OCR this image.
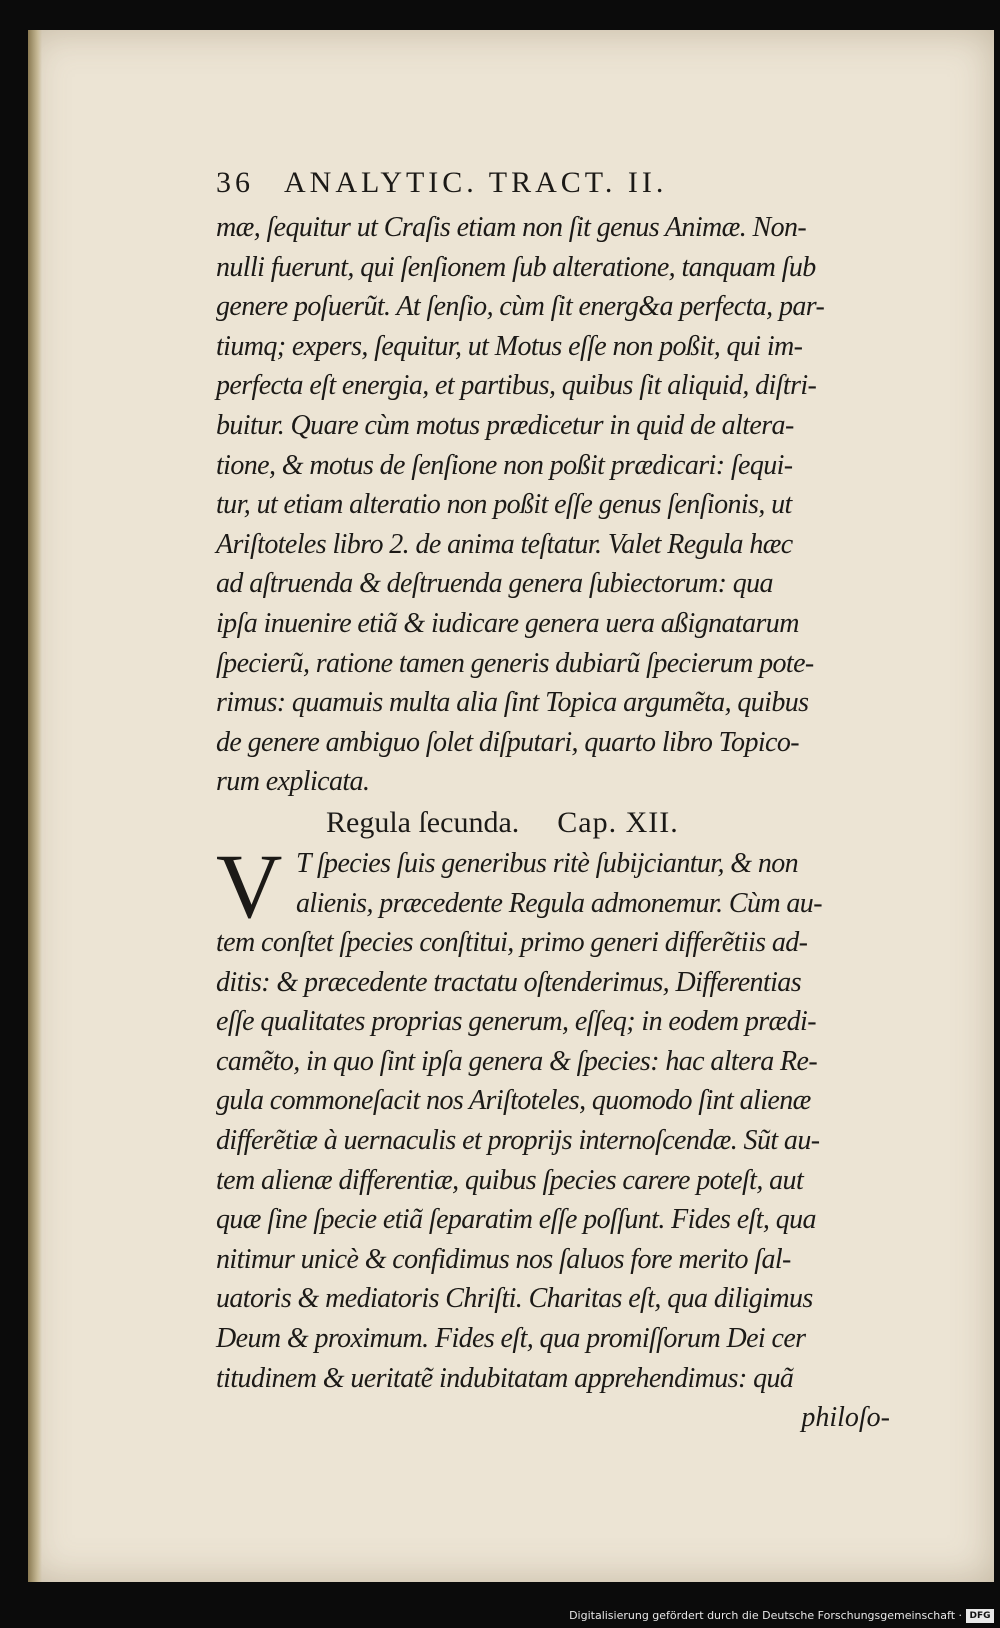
36 ANALYTIC. TRACT. II.
mæ, ſequitur ut Craſis etiam non ſit genus Animæ. Non-
nulli fuerunt, qui ſenſionem ſub alteratione, tanquam ſub
genere poſuerũt. At ſenſio, cùm ſit energ&a perfecta, par-
tiumq; expers, ſequitur, ut Motus eſſe non poßit, qui im-
perfecta eſt energia, et partibus, quibus ſit aliquid, diſtri-
buitur. Quare cùm motus prædicetur in quid de altera-
tione, & motus de ſenſione non poßit prædicari: ſequi-
tur, ut etiam alteratio non poßit eſſe genus ſenſionis, ut
Ariſtoteles libro 2. de anima teſtatur. Valet Regula hæc
ad aſtruenda & deſtruenda genera ſubiectorum: qua
ipſa inuenire etiã & iudicare genera uera aßignatarum
ſpecierũ, ratione tamen generis dubiarũ ſpecierum pote-
rimus: quamuis multa alia ſint Topica argumẽta, quibus
de genere ambiguo ſolet diſputari, quarto libro Topico-
rum explicata.
Regula ſecunda. Cap. XII.
V T ſpecies ſuis generibus ritè ſubijciantur, & non
alienis, præcedente Regula admonemur. Cùm au-
tem conſtet ſpecies conſtitui, primo generi differẽtiis ad-
ditis: & præcedente tractatu oſtenderimus, Differentias
eſſe qualitates proprias generum, eſſeq; in eodem prædi-
camẽto, in quo ſint ipſa genera & ſpecies: hac altera Re-
gula commoneſacit nos Ariſtoteles, quomodo ſint alienæ
differẽtiæ à uernaculis et proprijs internoſcendæ. Sũt au-
tem alienæ differentiæ, quibus ſpecies carere poteſt, aut
quæ ſine ſpecie etiã ſeparatim eſſe poſſunt. Fides eſt, qua
nitimur unicè & confidimus nos ſaluos fore merito ſal-
uatoris & mediatoris Chriſti. Charitas eſt, qua diligimus
Deum & proximum. Fides eſt, qua promiſſorum Dei cer
titudinem & ueritatẽ indubitatam apprehendimus: quã
philoſo-
Digitalisierung gefördert durch die Deutsche Forschungsgemeinschaft · DFG
